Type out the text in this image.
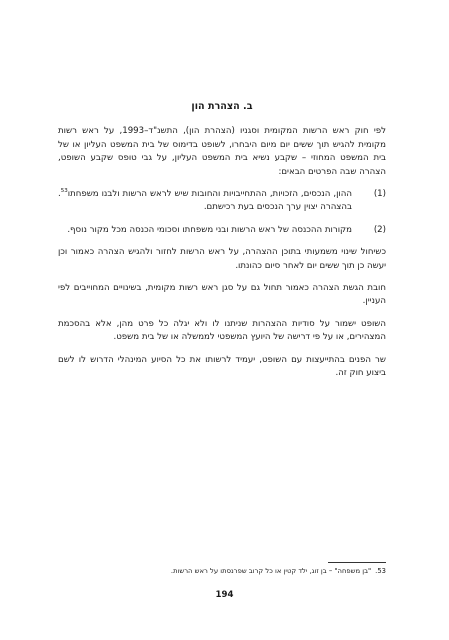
ב. הצהרת הון

לפי חוק ראש הרשות המקומית וסגניו (הצהרת הון), התשנ"ד–1993, על ראש רשות מקומית להגיש תוך ששים יום מיום היבחרו, לשופט בדימוס של בית המשפט העליון או של בית המשפט המחוזי – שקבע נשיא בית המשפט העליון, על גבי טופס שקבע השופט, הצהרה שבה הפרטים הבאים:

(1)
ההון, הנכסים, הזכויות, ההתחייבויות והחובות שיש לראש הרשות ולבנו משפחתו$^{53}$. בהצהרה יצוין ערך הנכסים בעת רכישתם.
(2)
מקורות ההכנסה של ראש הרשות ובני משפחתו וסכומי הכנסה מכל מקור נוסף.

כשיחול שינוי משמעותי בתוכן ההצהרה, על ראש הרשות לחזור ולהגיש הצהרה כאמור וכן יעשה כן תוך ששים יום לאחר סיום כהונתו.

חובת הגשת הצהרה כאמור תחול גם על סגן ראש רשות מקומית, בשינויים המחוייבים לפי העניין.

השופט ישמור על סודיות ההצהרות שניתנו לו ולא יגלה כל פרט מהן, אלא בהסכמת המצהירים, או על פי דרישה של היועץ המשפטי לממשלה או של בית משפט.

שר הפנים בהתייעצות עם השופט, יעמיד לרשותו את כל הסיוע המינהלי הדרוש לו לשם ביצוע חוק זה.

53."בן משפחה" – בן זוג, ילד קטין או כל קרוב שפרנסתו על ראש הרשות.
194
